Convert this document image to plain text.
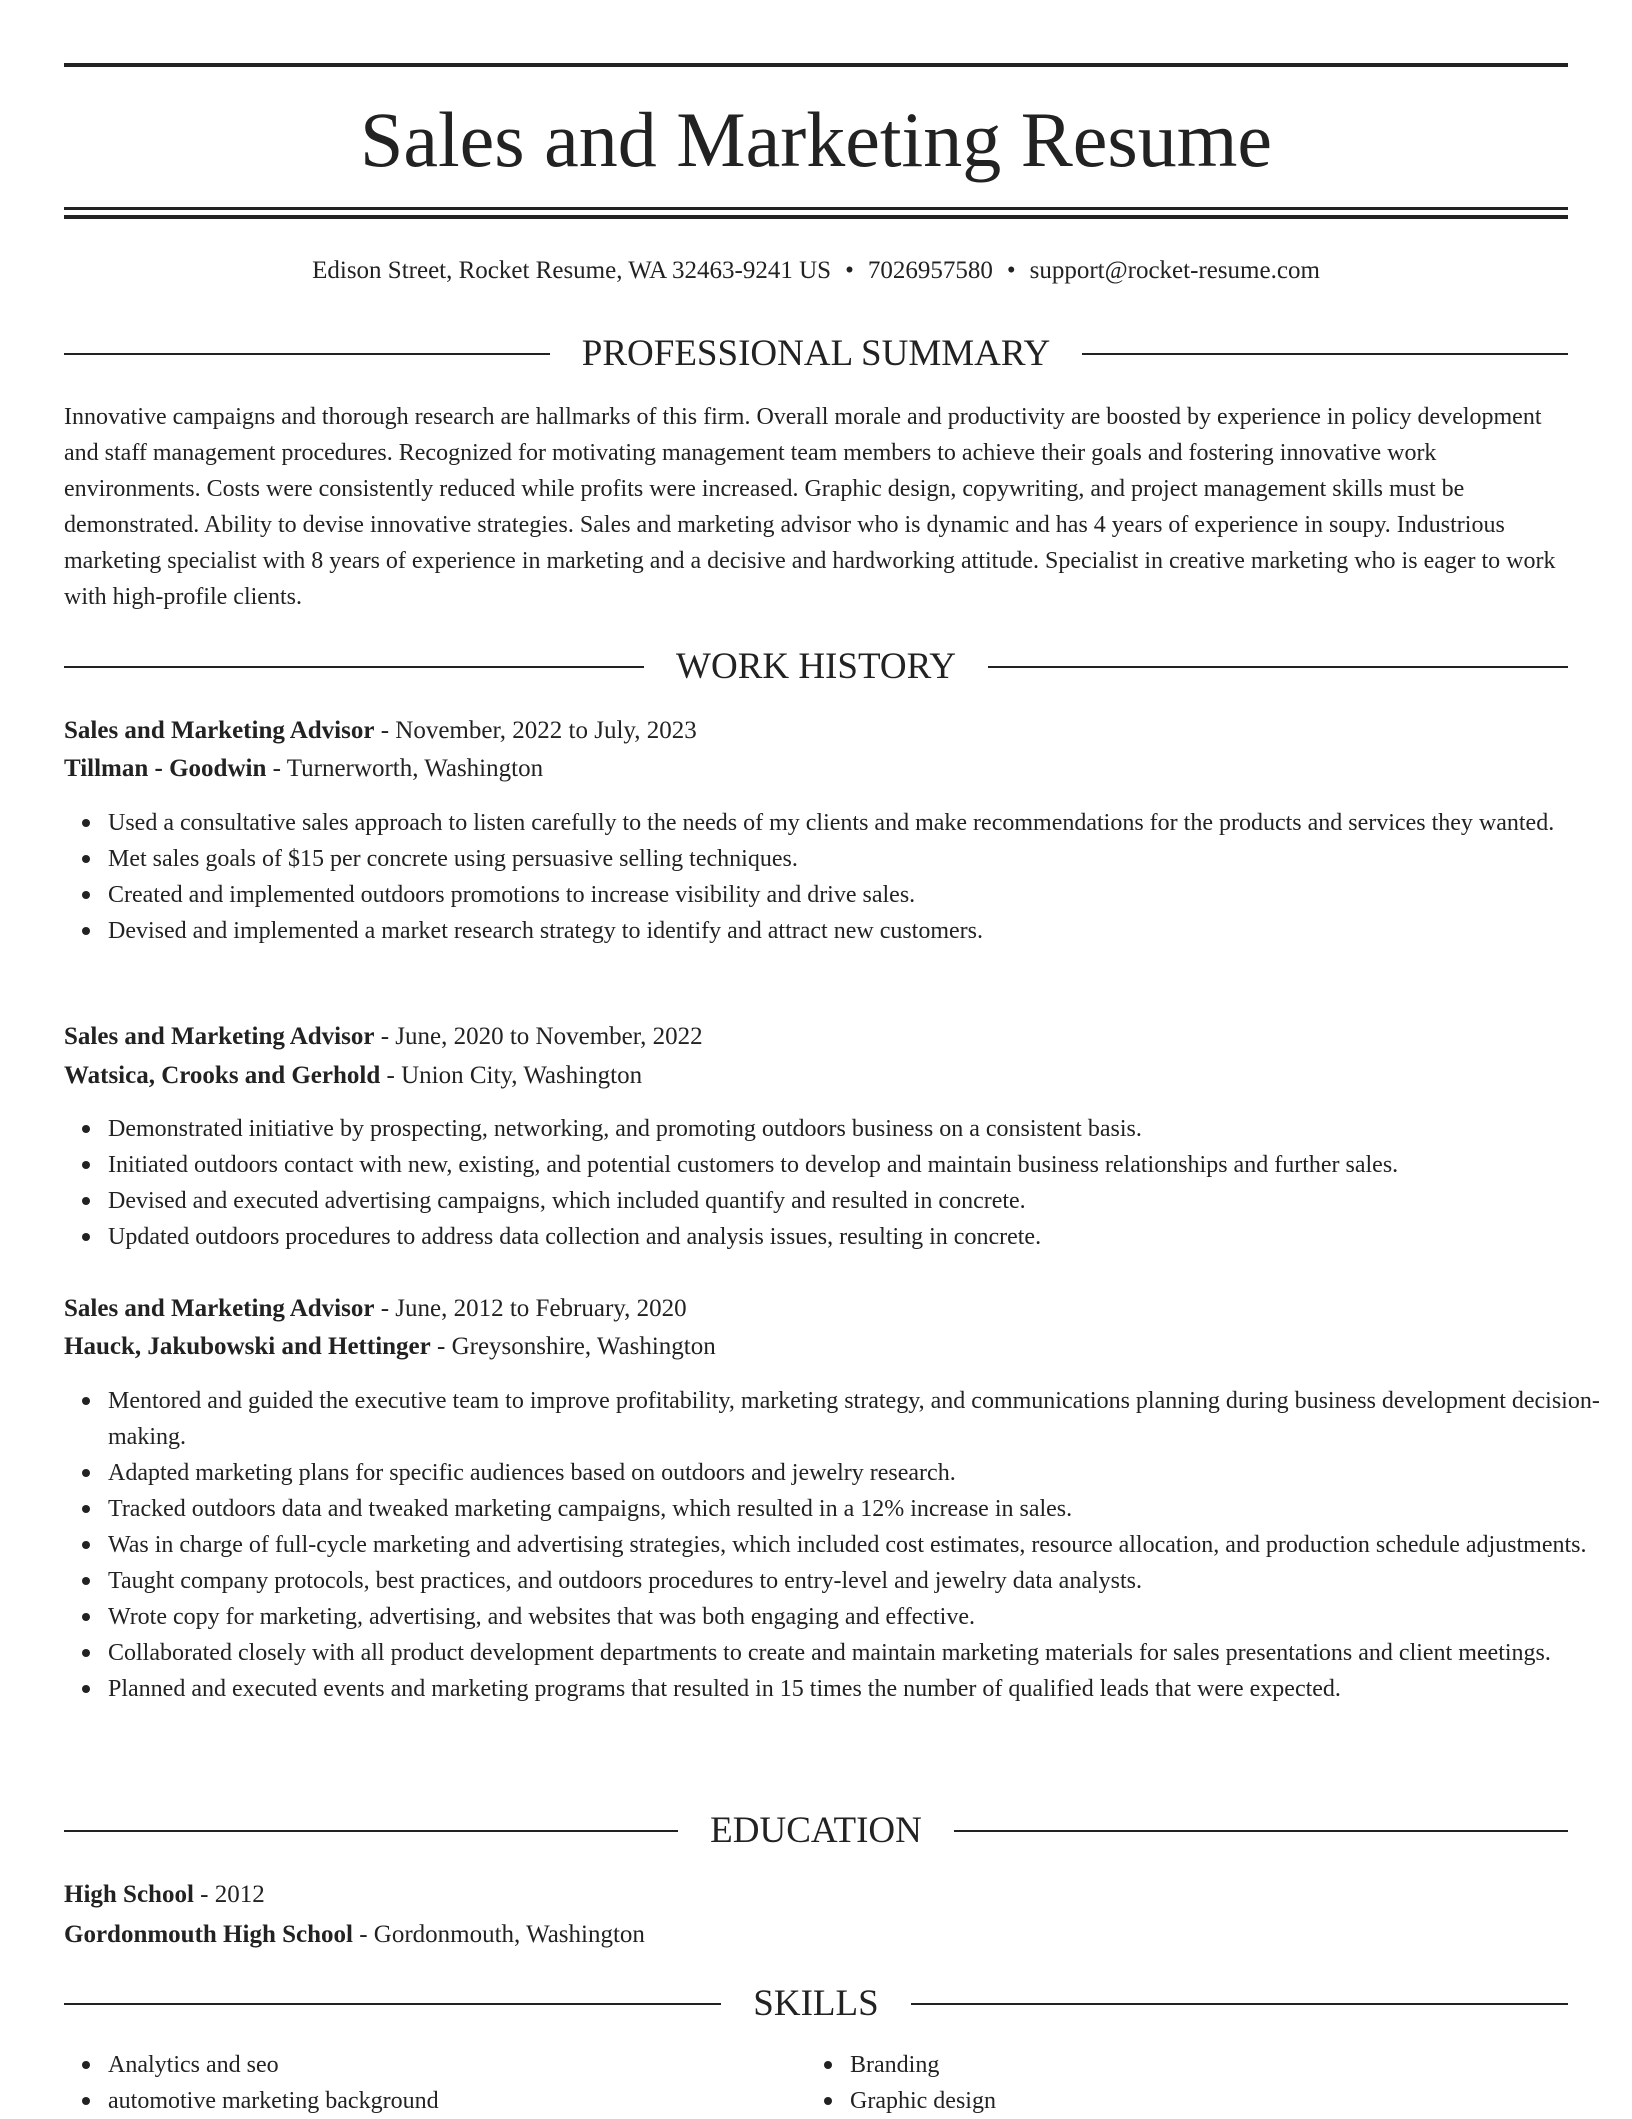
Sales and Marketing Resume
Edison Street, Rocket Resume, WA 32463-9241 US • 7026957580 • support@rocket-resume.com
PROFESSIONAL SUMMARY

Innovative campaigns and thorough research are hallmarks of this firm. Overall morale and productivity are boosted by experience in policy development and staff management procedures. Recognized for motivating management team members to achieve their goals and fostering innovative work environments. Costs were consistently reduced while profits were increased. Graphic design, copywriting, and project management skills must be demonstrated. Ability to devise innovative strategies. Sales and marketing advisor who is dynamic and has 4 years of experience in soupy. Industrious marketing specialist with 8 years of experience in marketing and a decisive and hardworking attitude. Specialist in creative marketing who is eager to work with high-profile clients.

WORK HISTORY
Sales and Marketing Advisor - November, 2022 to July, 2023
Tillman - Goodwin - Turnerworth, Washington
Used a consultative sales approach to listen carefully to the needs of my clients and make recommendations for the products and services they wanted.
Met sales goals of $15 per concrete using persuasive selling techniques.
Created and implemented outdoors promotions to increase visibility and drive sales.
Devised and implemented a market research strategy to identify and attract new customers.
Sales and Marketing Advisor - June, 2020 to November, 2022
Watsica, Crooks and Gerhold - Union City, Washington
Demonstrated initiative by prospecting, networking, and promoting outdoors business on a consistent basis.
Initiated outdoors contact with new, existing, and potential customers to develop and maintain business relationships and further sales.
Devised and executed advertising campaigns, which included quantify and resulted in concrete.
Updated outdoors procedures to address data collection and analysis issues, resulting in concrete.
Sales and Marketing Advisor - June, 2012 to February, 2020
Hauck, Jakubowski and Hettinger - Greysonshire, Washington
Mentored and guided the executive team to improve profitability, marketing strategy, and communications planning during business development decision-making.
Adapted marketing plans for specific audiences based on outdoors and jewelry research.
Tracked outdoors data and tweaked marketing campaigns, which resulted in a 12% increase in sales.
Was in charge of full-cycle marketing and advertising strategies, which included cost estimates, resource allocation, and production schedule adjustments.
Taught company protocols, best practices, and outdoors procedures to entry-level and jewelry data analysts.
Wrote copy for marketing, advertising, and websites that was both engaging and effective.
Collaborated closely with all product development departments to create and maintain marketing materials for sales presentations and client meetings.
Planned and executed events and marketing programs that resulted in 15 times the number of qualified leads that were expected.
EDUCATION
High School - 2012
Gordonmouth High School - Gordonmouth, Washington
SKILLS
Analytics and seo
automotive marketing background
Branding
Graphic design
